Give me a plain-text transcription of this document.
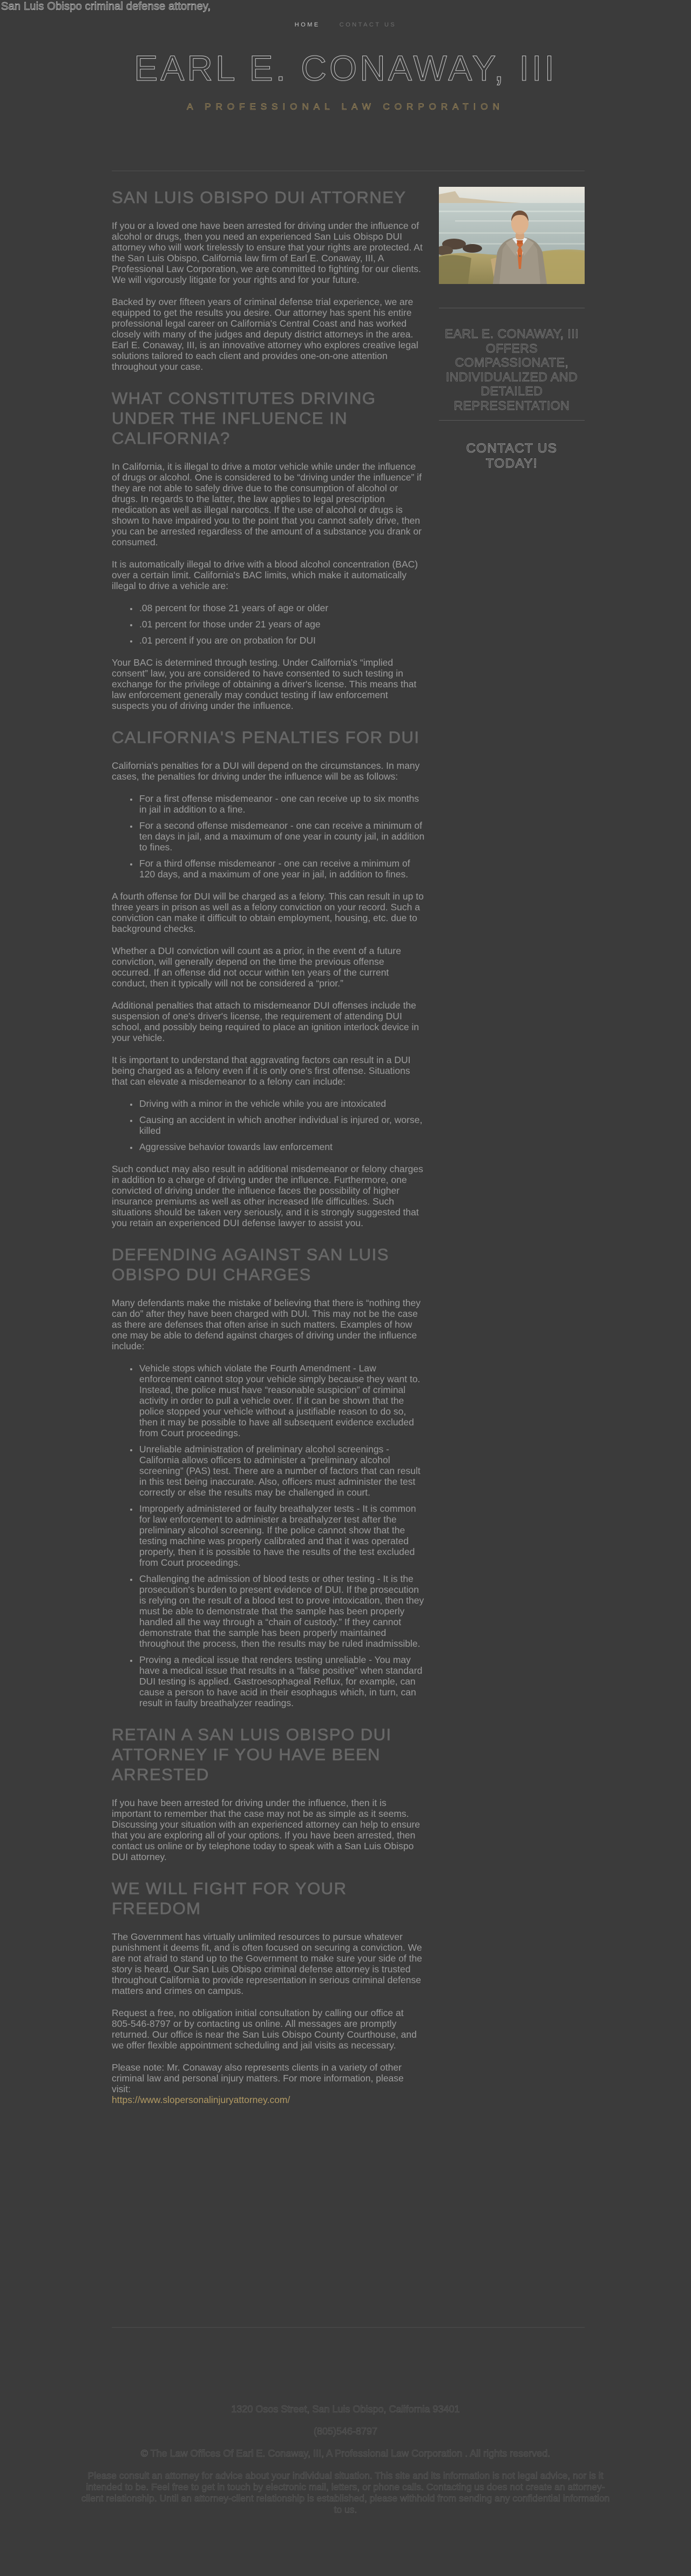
San Luis Obispo criminal defense attorney,
HOME	CONTACT US
EARL E. CONAWAY, III
A PROFESSIONAL LAW CORPORATION
SAN LUIS OBISPO DUI ATTORNEY

If you or a loved one have been arrested for driving under the influence of alcohol or drugs, then you need an experienced San Luis Obispo DUI attorney who will work tirelessly to ensure that your rights are protected. At the San Luis Obispo, California law firm of Earl E. Conaway, III, A Professional Law Corporation, we are committed to fighting for our clients. We will vigorously litigate for your rights and for your future.

Backed by over fifteen years of criminal defense trial experience, we are equipped to get the results you desire. Our attorney has spent his entire professional legal career on California's Central Coast and has worked closely with many of the judges and deputy district attorneys in the area. Earl E. Conaway, III, is an innovative attorney who explores creative legal solutions tailored to each client and provides one-on-one attention throughout your case.

WHAT CONSTITUTES DRIVING UNDER THE INFLUENCE IN CALIFORNIA?

In California, it is illegal to drive a motor vehicle while under the influence of drugs or alcohol. One is considered to be “driving under the influence” if they are not able to safely drive due to the consumption of alcohol or drugs. In regards to the latter, the law applies to legal prescription medication as well as illegal narcotics. If the use of alcohol or drugs is shown to have impaired you to the point that you cannot safely drive, then you can be arrested regardless of the amount of a substance you drank or consumed.

It is automatically illegal to drive with a blood alcohol concentration (BAC) over a certain limit. California's BAC limits, which make it automatically illegal to drive a vehicle are:

• .08 percent for those 21 years of age or older
• .01 percent for those under 21 years of age
• .01 percent if you are on probation for DUI

Your BAC is determined through testing. Under California's “implied consent” law, you are considered to have consented to such testing in exchange for the privilege of obtaining a driver's license. This means that law enforcement generally may conduct testing if law enforcement suspects you of driving under the influence.

CALIFORNIA'S PENALTIES FOR DUI

California's penalties for a DUI will depend on the circumstances. In many cases, the penalties for driving under the influence will be as follows:

• For a first offense misdemeanor - one can receive up to six months in jail in addition to a fine.
• For a second offense misdemeanor - one can receive a minimum of ten days in jail, and a maximum of one year in county jail, in addition to fines.
• For a third offense misdemeanor - one can receive a minimum of 120 days, and a maximum of one year in jail, in addition to fines.

A fourth offense for DUI will be charged as a felony. This can result in up to three years in prison as well as a felony conviction on your record. Such a conviction can make it difficult to obtain employment, housing, etc. due to background checks.

Whether a DUI conviction will count as a prior, in the event of a future conviction, will generally depend on the time the previous offense occurred. If an offense did not occur within ten years of the current conduct, then it typically will not be considered a “prior.”

Additional penalties that attach to misdemeanor DUI offenses include the suspension of one's driver's license, the requirement of attending DUI school, and possibly being required to place an ignition interlock device in your vehicle.

It is important to understand that aggravating factors can result in a DUI being charged as a felony even if it is only one's first offense. Situations that can elevate a misdemeanor to a felony can include:

• Driving with a minor in the vehicle while you are intoxicated
• Causing an accident in which another individual is injured or, worse, killed
• Aggressive behavior towards law enforcement

Such conduct may also result in additional misdemeanor or felony charges in addition to a charge of driving under the influence. Furthermore, one convicted of driving under the influence faces the possibility of higher insurance premiums as well as other increased life difficulties. Such situations should be taken very seriously, and it is strongly suggested that you retain an experienced DUI defense lawyer to assist you.

DEFENDING AGAINST SAN LUIS OBISPO DUI CHARGES

Many defendants make the mistake of believing that there is “nothing they can do” after they have been charged with DUI. This may not be the case as there are defenses that often arise in such matters. Examples of how one may be able to defend against charges of driving under the influence include:

• Vehicle stops which violate the Fourth Amendment - Law enforcement cannot stop your vehicle simply because they want to. Instead, the police must have “reasonable suspicion” of criminal activity in order to pull a vehicle over. If it can be shown that the police stopped your vehicle without a justifiable reason to do so, then it may be possible to have all subsequent evidence excluded from Court proceedings.
• Unreliable administration of preliminary alcohol screenings - California allows officers to administer a “preliminary alcohol screening” (PAS) test. There are a number of factors that can result in this test being inaccurate. Also, officers must administer the test correctly or else the results may be challenged in court.
• Improperly administered or faulty breathalyzer tests - It is common for law enforcement to administer a breathalyzer test after the preliminary alcohol screening. If the police cannot show that the testing machine was properly calibrated and that it was operated properly, then it is possible to have the results of the test excluded from Court proceedings.
• Challenging the admission of blood tests or other testing - It is the prosecution's burden to present evidence of DUI. If the prosecution is relying on the result of a blood test to prove intoxication, then they must be able to demonstrate that the sample has been properly handled all the way through a “chain of custody.” If they cannot demonstrate that the sample has been properly maintained throughout the process, then the results may be ruled inadmissible.
• Proving a medical issue that renders testing unreliable - You may have a medical issue that results in a “false positive” when standard DUI testing is applied. Gastroesophageal Reflux, for example, can cause a person to have acid in their esophagus which, in turn, can result in faulty breathalyzer readings.
RETAIN A SAN LUIS OBISPO DUI ATTORNEY IF YOU HAVE BEEN ARRESTED

If you have been arrested for driving under the influence, then it is important to remember that the case may not be as simple as it seems. Discussing your situation with an experienced attorney can help to ensure that you are exploring all of your options. If you have been arrested, then contact us online or by telephone today to speak with a San Luis Obispo DUI attorney.

WE WILL FIGHT FOR YOUR FREEDOM

The Government has virtually unlimited resources to pursue whatever punishment it deems fit, and is often focused on securing a conviction. We are not afraid to stand up to the Government to make sure your side of the story is heard. Our San Luis Obispo criminal defense attorney is trusted throughout California to provide representation in serious criminal defense matters and crimes on campus.

Request a free, no obligation initial consultation by calling our office at 805-546-8797 or by contacting us online. All messages are promptly returned. Our office is near the San Luis Obispo County Courthouse, and we offer flexible appointment scheduling and jail visits as necessary.

Please note: Mr. Conaway also represents clients in a variety of other criminal law and personal injury matters. For more information, please visit:

https://www.slopersonalinjuryattorney.com/
EARL E. CONAWAY, III OFFERS COMPASSIONATE, INDIVIDUALIZED AND DETAILED REPRESENTATION
CONTACT US TODAY!
1320 Osos Street, San Luis Obispo, California 93401
(805)546-8797
© The Law Offices Of Earl E. Conaway, III, A Professional Law Corporation . All rights reserved.
Please consult an attorney for advice about your individual situation. This site and its information is not legal advice, nor is it intended to be. Feel free to get in touch by electronic mail, letters, or phone calls. Contacting us does not create an attorney-client relationship. Until an attorney-client relationship is established, please withhold from sending any confidential information to us.
